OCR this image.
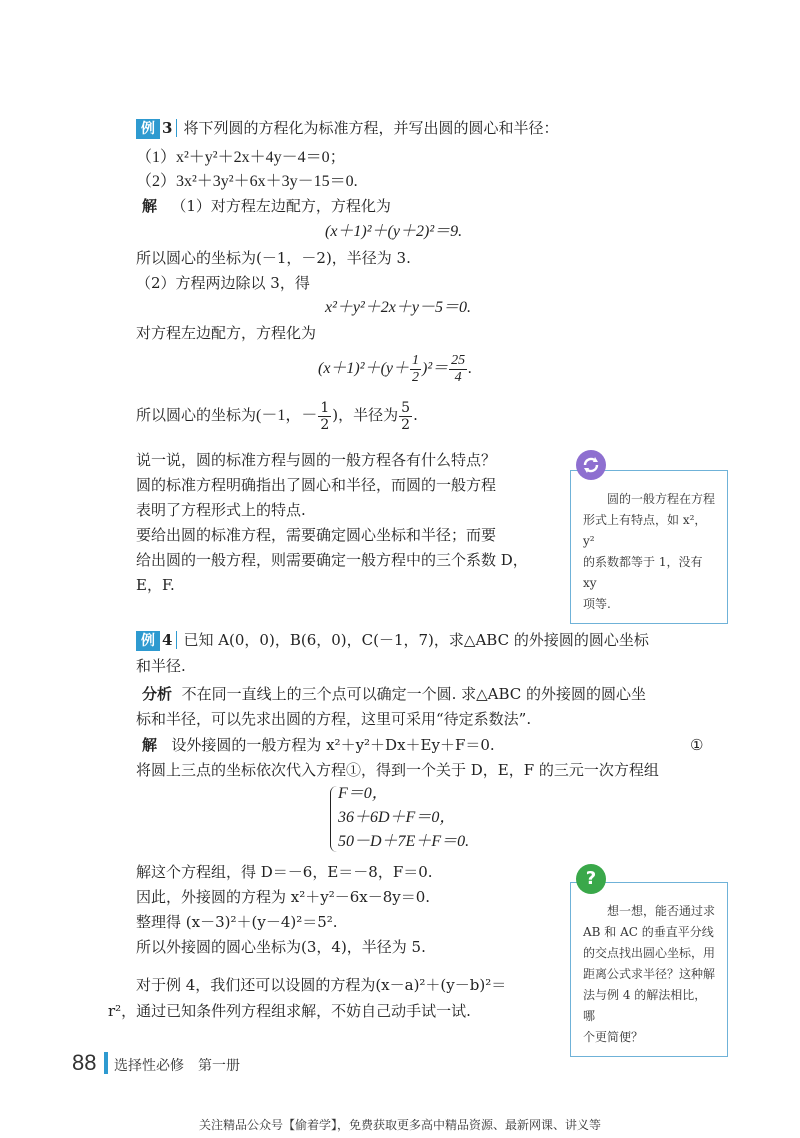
例 3 将下列圆的方程化为标准方程，并写出圆的圆心和半径：
（1）x²＋y²＋2x＋4y－4＝0；
（2）3x²＋3y²＋6x＋3y－15＝0.
解 （1）对方程左边配方，方程化为
(x＋1)²＋(y＋2)²＝9.
所以圆心的坐标为(－1，－2)，半径为 3.
（2）方程两边除以 3，得
x²＋y²＋2x＋y－5＝0.
对方程左边配方，方程化为
$(x+1)^2+(y+ \frac{1}{2} )^2= \frac{25}{4}$ .
所以圆心的坐标为(－1，－ $\frac{1}{2}$ )，半径为 $\frac{5}{2}$ .
说一说，圆的标准方程与圆的一般方程各有什么特点？
圆的标准方程明确指出了圆心和半径，而圆的一般方程
表明了方程形式上的特点.
要给出圆的标准方程，需要确定圆心坐标和半径；而要
给出圆的一般方程，则需要确定一般方程中的三个系数 D，
E，F.
圆的一般方程在方程
形式上有特点，如 x²，y²
的系数都等于 1，没有 xy
项等.
例 4 已知 A(0，0)，B(6，0)，C(－1，7)，求△ABC 的外接圆的圆心坐标
和半径.
分析 不在同一直线上的三个点可以确定一个圆. 求△ABC 的外接圆的圆心坐
标和半径，可以先求出圆的方程，这里可采用“待定系数法”.
解 设外接圆的一般方程为 x²＋y²＋Dx＋Ey＋F＝0.	①
将圆上三点的坐标依次代入方程①，得到一个关于 D，E，F 的三元一次方程组
F＝0，
36＋6D＋F＝0，
50－D＋7E＋F＝0.
解这个方程组，得 D＝－6，E＝－8，F＝0.
因此，外接圆的方程为 x²＋y²－6x－8y＝0.
整理得 (x－3)²＋(y－4)²＝5².
所以外接圆的圆心坐标为(3，4)，半径为 5.
对于例 4，我们还可以设圆的方程为(x－a)²＋(y－b)²＝
r²，通过已知条件列方程组求解，不妨自己动手试一试.
想一想，能否通过求
AB 和 AC 的垂直平分线
的交点找出圆心坐标，用
距离公式求半径？这种解
法与例 4 的解法相比，哪
个更简便？
?
88 选择性必修　第一册
关注精品公众号【偷着学】，免费获取更多高中精品资源、最新网课、讲义等
